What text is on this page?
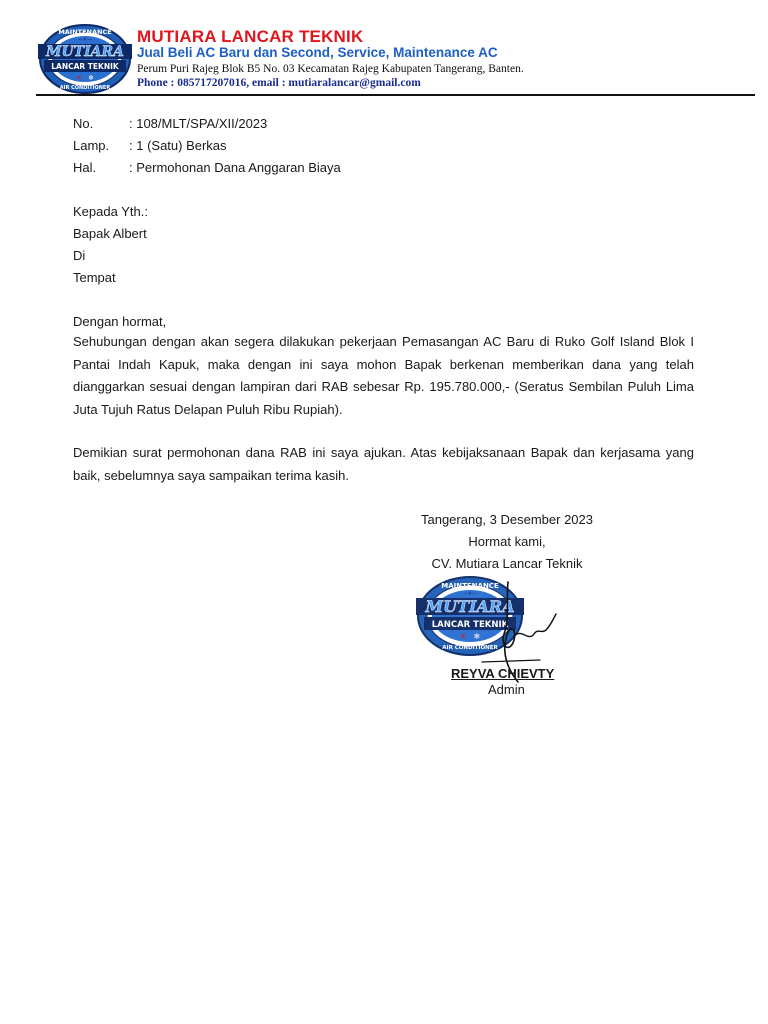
MAINTENANCE
—✕—
MUTIARA
LANCAR TEKNIK
✕ ❄
AIR CONDITIONER
MUTIARA LANCAR TEKNIK
Jual Beli AC Baru dan Second, Service, Maintenance AC
Perum Puri Rajeg Blok B5 No. 03 Kecamatan Rajeg Kabupaten Tangerang, Banten.
Phone : 085717207016, email : mutiaralancar@gmail.com
No.	: 108/MLT/SPA/XII/2023
Lamp. : 1 (Satu) Berkas
Hal.	: Permohonan Dana Anggaran Biaya
Kepada Yth.:
Bapak Albert
Di
Tempat
Dengan hormat,

Sehubungan dengan akan segera dilakukan pekerjaan Pemasangan AC Baru di Ruko Golf Island Blok I Pantai Indah Kapuk, maka dengan ini saya mohon Bapak berkenan memberikan dana yang telah dianggarkan sesuai dengan lampiran dari RAB sebesar Rp. 195.780.000,- (Seratus Sembilan Puluh Lima Juta Tujuh Ratus Delapan Puluh Ribu Rupiah).

Demikian surat permohonan dana RAB ini saya ajukan. Atas kebijaksanaan Bapak dan kerjasama yang baik, sebelumnya saya sampaikan terima kasih.

Tangerang, 3 Desember 2023
Hormat kami,
CV. Mutiara Lancar Teknik
MAINTENANCE
—✕—
MUTIARA
LANCAR TEKNIK
✕ ❄
AIR CONDITIONER
REYVA CHIEVTY
Admin
